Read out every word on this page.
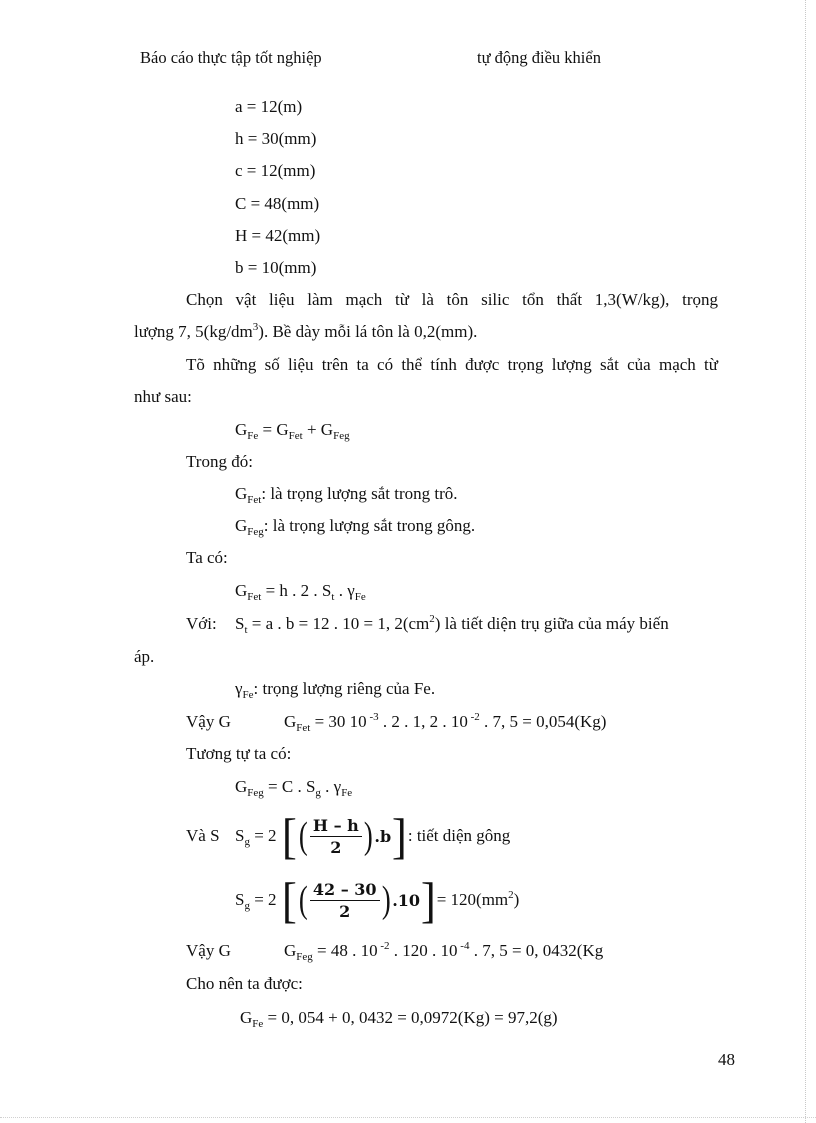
Báo cáo thực tập tốt nghiệp	tự động điều khiển
a = 12(m)
h = 30(mm)
c = 12(mm)
C = 48(mm)
H = 42(mm)
b = 10(mm)
Chọn vật liệu làm mạch từ là tôn silic tổn thất 1,3(W/kg), trọng
lượng 7, $5(kg/dm^3)$. Bề dày mỗi lá tôn là 0,2(mm).
Tõ những số liệu trên ta có thể tính được trọng lượng sắt của mạch từ
như sau:
$G_{Fe} = G_{Fet} + G_{Feg}$
Trong đó:
$G_{Fet}$: là trọng lượng sắt trong trô.
$G_{Feg}$: là trọng lượng sắt trong gông.
Ta có:
$G_{Fet} = h$ . 2 . $S_t$ . $\gamma_{Fe}$
Với: $S_t = a$ . b = 12 . 10 = 1, $2(cm^2)$ là tiết diện trụ giữa của máy biến
áp.
$\gamma_{Fe}$: trọng lượng riêng của Fe.
Vậy G	$G_{Fet} = 30$ 10 $^{-3}$ . 2 . 1, 2 . 10 $^{-2}$ . 7, 5 = 0,054(Kg)
Tương tự ta có:
$G_{Feg} = C$ . $S_g$ . $\gamma_{Fe}$
Và S $S_g = 2$ [ ( $\frac{H - h}{2}$ ) .b ] : tiết diện gông
$S_g = 2$ [ ( $\frac{42 - 30}{2}$ ) .10 ] = $120(mm^2)$
Vậy G	$G_{Feg} = 48$ . 10 $^{-2}$ . 120 . 10 $^{-4}$ . 7, 5 = 0, 0432(Kg
Cho nên ta được:
$G_{Fe} = 0$, 054 + 0, 0432 = 0,0972(Kg) = 97,2(g)
48
